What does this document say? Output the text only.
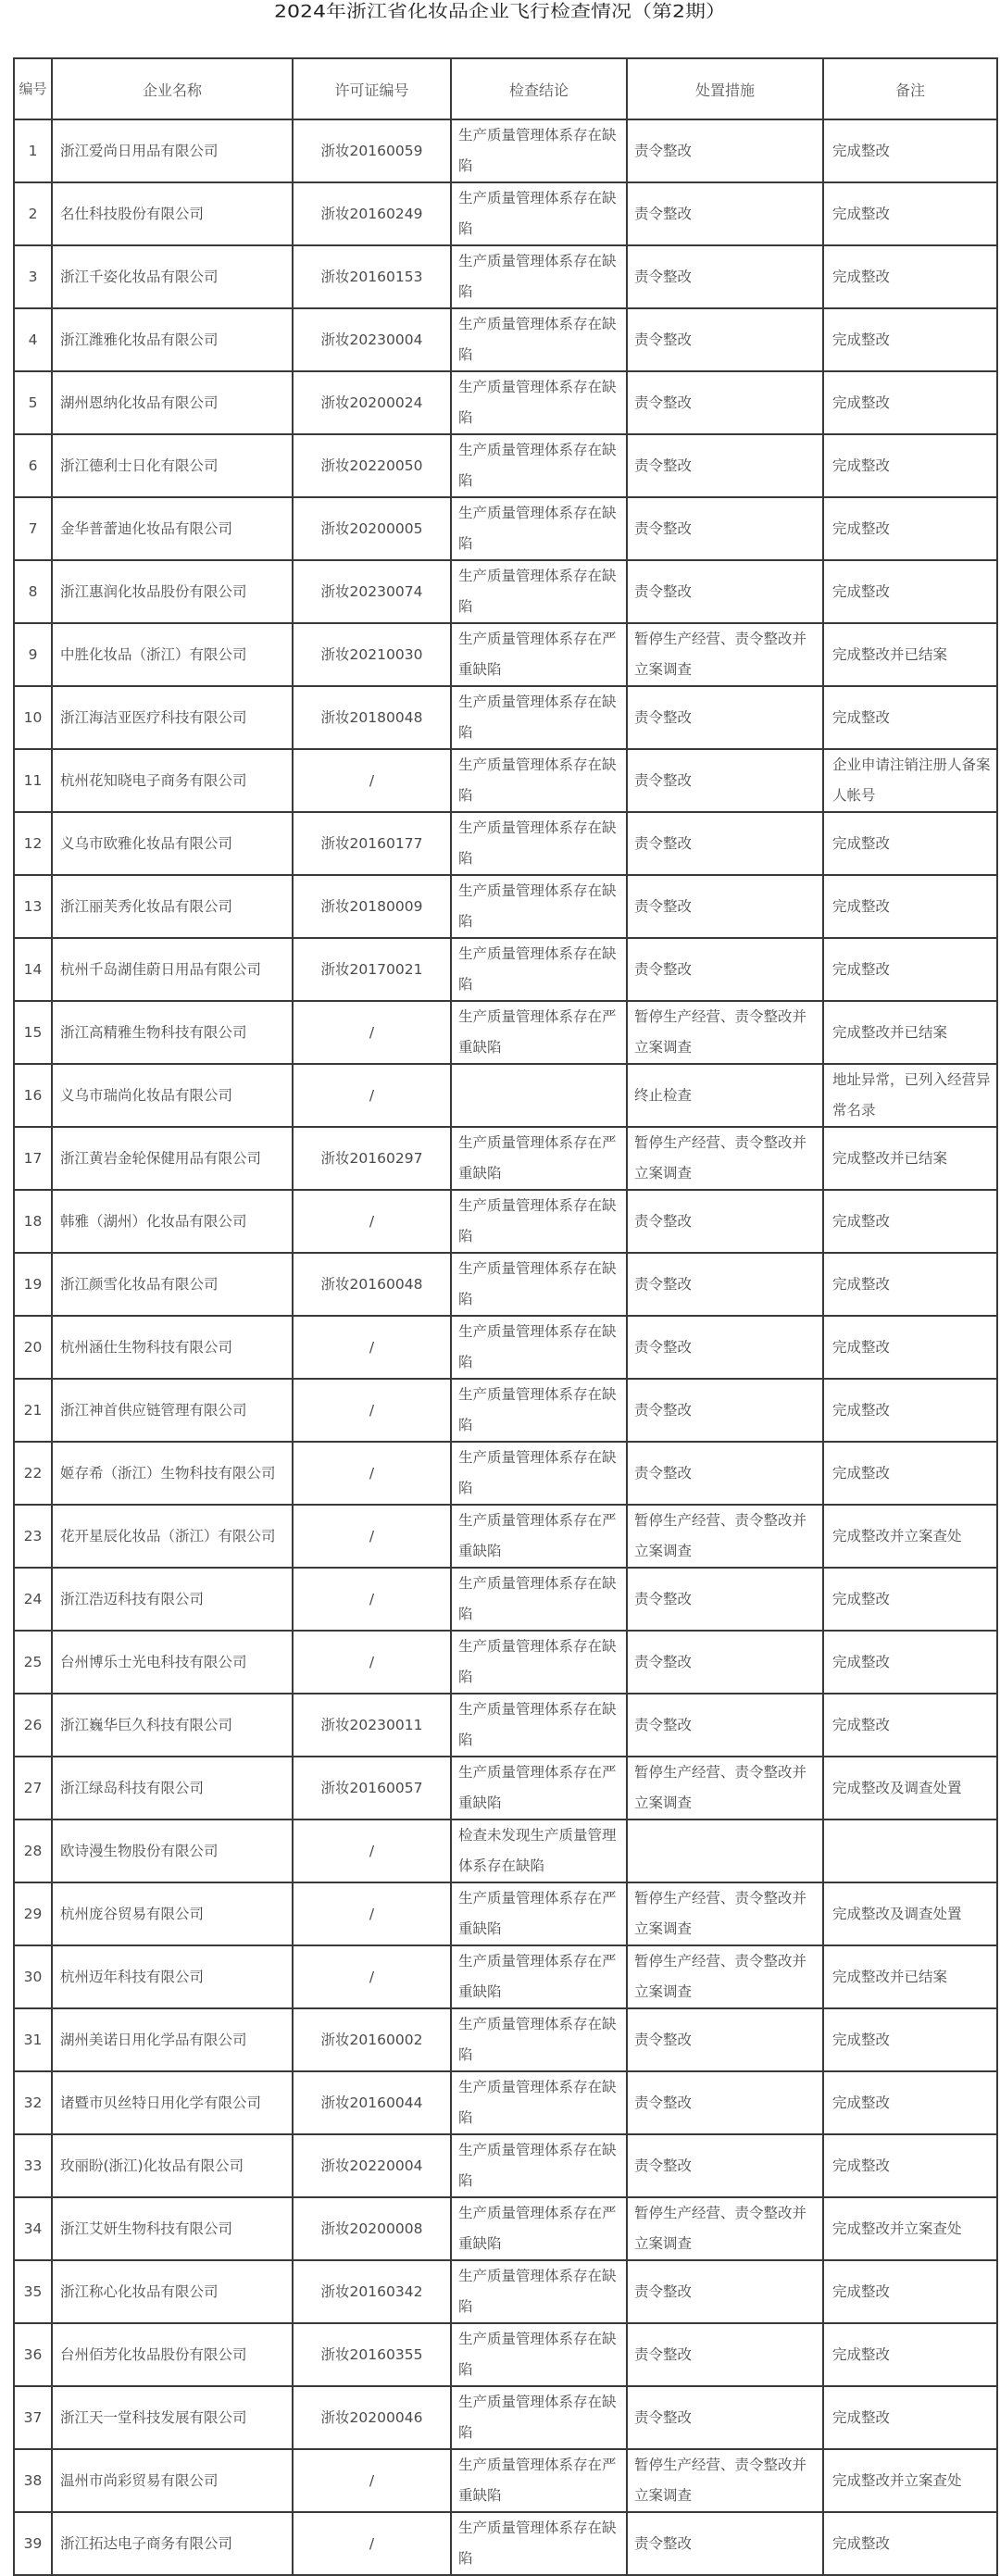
2024年浙江省化妆品企业飞行检查情况（第2期）
编号	企业名称	许可证编号	检查结论	处置措施	备注
1	浙江爱尚日用品有限公司	浙妆20160059	生产质量管理体系存在缺陷	责令整改	完成整改
2	名仕科技股份有限公司	浙妆20160249	生产质量管理体系存在缺陷	责令整改	完成整改
3	浙江千姿化妆品有限公司	浙妆20160153	生产质量管理体系存在缺陷	责令整改	完成整改
4	浙江潍雅化妆品有限公司	浙妆20230004	生产质量管理体系存在缺陷	责令整改	完成整改
5	湖州恩纳化妆品有限公司	浙妆20200024	生产质量管理体系存在缺陷	责令整改	完成整改
6	浙江德利士日化有限公司	浙妆20220050	生产质量管理体系存在缺陷	责令整改	完成整改
7	金华普蕾迪化妆品有限公司	浙妆20200005	生产质量管理体系存在缺陷	责令整改	完成整改
8	浙江惠润化妆品股份有限公司	浙妆20230074	生产质量管理体系存在缺陷	责令整改	完成整改
9	中胜化妆品（浙江）有限公司	浙妆20210030	生产质量管理体系存在严重缺陷	暂停生产经营、责令整改并立案调查	完成整改并已结案
10	浙江海洁亚医疗科技有限公司	浙妆20180048	生产质量管理体系存在缺陷	责令整改	完成整改
11	杭州花知晓电子商务有限公司	/	生产质量管理体系存在缺陷	责令整改	企业申请注销注册人备案人帐号
12	义乌市欧雅化妆品有限公司	浙妆20160177	生产质量管理体系存在缺陷	责令整改	完成整改
13	浙江丽芙秀化妆品有限公司	浙妆20180009	生产质量管理体系存在缺陷	责令整改	完成整改
14	杭州千岛湖佳蔚日用品有限公司	浙妆20170021	生产质量管理体系存在缺陷	责令整改	完成整改
15	浙江高精雅生物科技有限公司	/	生产质量管理体系存在严重缺陷	暂停生产经营、责令整改并立案调查	完成整改并已结案
16	义乌市瑞尚化妆品有限公司	/		终止检查	地址异常，已列入经营异常名录
17	浙江黄岩金轮保健用品有限公司	浙妆20160297	生产质量管理体系存在严重缺陷	暂停生产经营、责令整改并立案调查	完成整改并已结案
18	韩雅（湖州）化妆品有限公司	/	生产质量管理体系存在缺陷	责令整改	完成整改
19	浙江颜雪化妆品有限公司	浙妆20160048	生产质量管理体系存在缺陷	责令整改	完成整改
20	杭州涵仕生物科技有限公司	/	生产质量管理体系存在缺陷	责令整改	完成整改
21	浙江神首供应链管理有限公司	/	生产质量管理体系存在缺陷	责令整改	完成整改
22	姬存希（浙江）生物科技有限公司	/	生产质量管理体系存在缺陷	责令整改	完成整改
23	花开星辰化妆品（浙江）有限公司	/	生产质量管理体系存在严重缺陷	暂停生产经营、责令整改并立案调查	完成整改并立案查处
24	浙江浩迈科技有限公司	/	生产质量管理体系存在缺陷	责令整改	完成整改
25	台州博乐士光电科技有限公司	/	生产质量管理体系存在缺陷	责令整改	完成整改
26	浙江巍华巨久科技有限公司	浙妆20230011	生产质量管理体系存在缺陷	责令整改	完成整改
27	浙江绿岛科技有限公司	浙妆20160057	生产质量管理体系存在严重缺陷	暂停生产经营、责令整改并立案调查	完成整改及调查处置
28	欧诗漫生物股份有限公司	/	检查未发现生产质量管理体系存在缺陷		
29	杭州庞谷贸易有限公司	/	生产质量管理体系存在严重缺陷	暂停生产经营、责令整改并立案调查	完成整改及调查处置
30	杭州迈年科技有限公司	/	生产质量管理体系存在严重缺陷	暂停生产经营、责令整改并立案调查	完成整改并已结案
31	湖州美诺日用化学品有限公司	浙妆20160002	生产质量管理体系存在缺陷	责令整改	完成整改
32	诸暨市贝丝特日用化学有限公司	浙妆20160044	生产质量管理体系存在缺陷	责令整改	完成整改
33	玫丽盼(浙江)化妆品有限公司	浙妆20220004	生产质量管理体系存在缺陷	责令整改	完成整改
34	浙江艾妍生物科技有限公司	浙妆20200008	生产质量管理体系存在严重缺陷	暂停生产经营、责令整改并立案调查	完成整改并立案查处
35	浙江称心化妆品有限公司	浙妆20160342	生产质量管理体系存在缺陷	责令整改	完成整改
36	台州佰芳化妆品股份有限公司	浙妆20160355	生产质量管理体系存在缺陷	责令整改	完成整改
37	浙江天一堂科技发展有限公司	浙妆20200046	生产质量管理体系存在缺陷	责令整改	完成整改
38	温州市尚彩贸易有限公司	/	生产质量管理体系存在严重缺陷	暂停生产经营、责令整改并立案调查	完成整改并立案查处
39	浙江拓达电子商务有限公司	/	生产质量管理体系存在缺陷	责令整改	完成整改
